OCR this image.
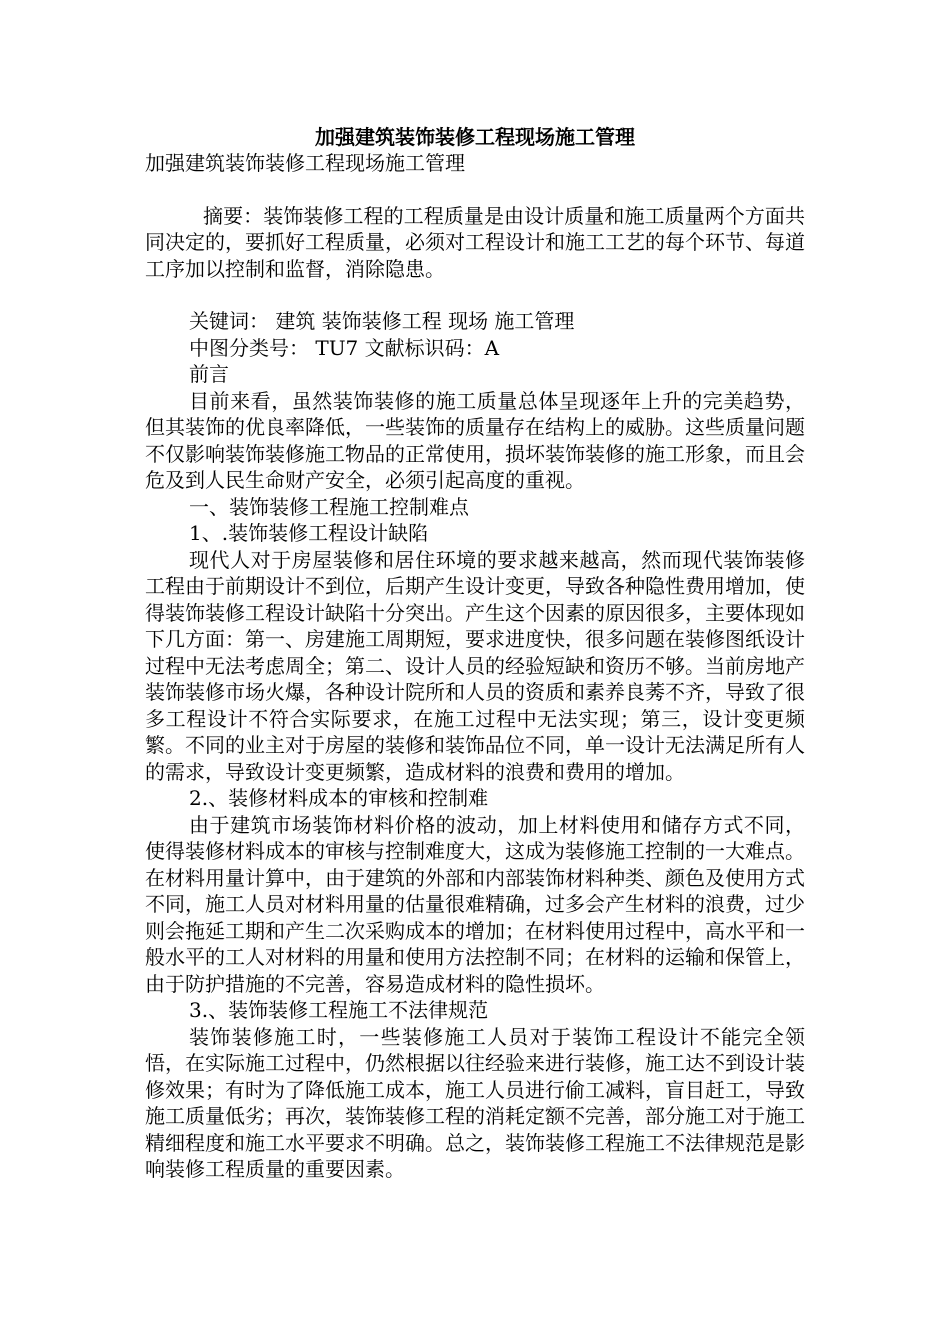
加强建筑装饰装修工程现场施工管理

加强建筑装饰装修工程现场施工管理

摘要：装饰装修工程的工程质量是由设计质量和施工质量两个方面共同决定的，要抓好工程质量，必须对工程设计和施工工艺的每个环节、每道工序加以控制和监督，消除隐患。

关键词： 建筑 装饰装修工程 现场 施工管理

中图分类号： TU7 文献标识码：A

前言

目前来看，虽然装饰装修的施工质量总体呈现逐年上升的完美趋势，但其装饰的优良率降低，一些装饰的质量存在结构上的威胁。这些质量问题不仅影响装饰装修施工物品的正常使用，损坏装饰装修的施工形象，而且会危及到人民生命财产安全，必须引起高度的重视。

一、装饰装修工程施工控制难点

1、.装饰装修工程设计缺陷

现代人对于房屋装修和居住环境的要求越来越高，然而现代装饰装修工程由于前期设计不到位，后期产生设计变更，导致各种隐性费用增加，使得装饰装修工程设计缺陷十分突出。产生这个因素的原因很多，主要体现如下几方面：第一、房建施工周期短，要求进度快，很多问题在装修图纸设计过程中无法考虑周全；第二、设计人员的经验短缺和资历不够。当前房地产装饰装修市场火爆，各种设计院所和人员的资质和素养良莠不齐，导致了很多工程设计不符合实际要求，在施工过程中无法实现；第三，设计变更频繁。不同的业主对于房屋的装修和装饰品位不同，单一设计无法满足所有人的需求，导致设计变更频繁，造成材料的浪费和费用的增加。

2.、装修材料成本的审核和控制难

由于建筑市场装饰材料价格的波动，加上材料使用和储存方式不同，使得装修材料成本的审核与控制难度大，这成为装修施工控制的一大难点。在材料用量计算中，由于建筑的外部和内部装饰材料种类、颜色及使用方式不同，施工人员对材料用量的估量很难精确，过多会产生材料的浪费，过少则会拖延工期和产生二次采购成本的增加；在材料使用过程中，高水平和一般水平的工人对材料的用量和使用方法控制不同；在材料的运输和保管上，由于防护措施的不完善，容易造成材料的隐性损坏。

3.、装饰装修工程施工不法律规范

装饰装修施工时，一些装修施工人员对于装饰工程设计不能完全领悟，在实际施工过程中，仍然根据以往经验来进行装修，施工达不到设计装修效果；有时为了降低施工成本，施工人员进行偷工减料，盲目赶工，导致施工质量低劣；再次，装饰装修工程的消耗定额不完善，部分施工对于施工精细程度和施工水平要求不明确。总之，装饰装修工程施工不法律规范是影响装修工程质量的重要因素。
